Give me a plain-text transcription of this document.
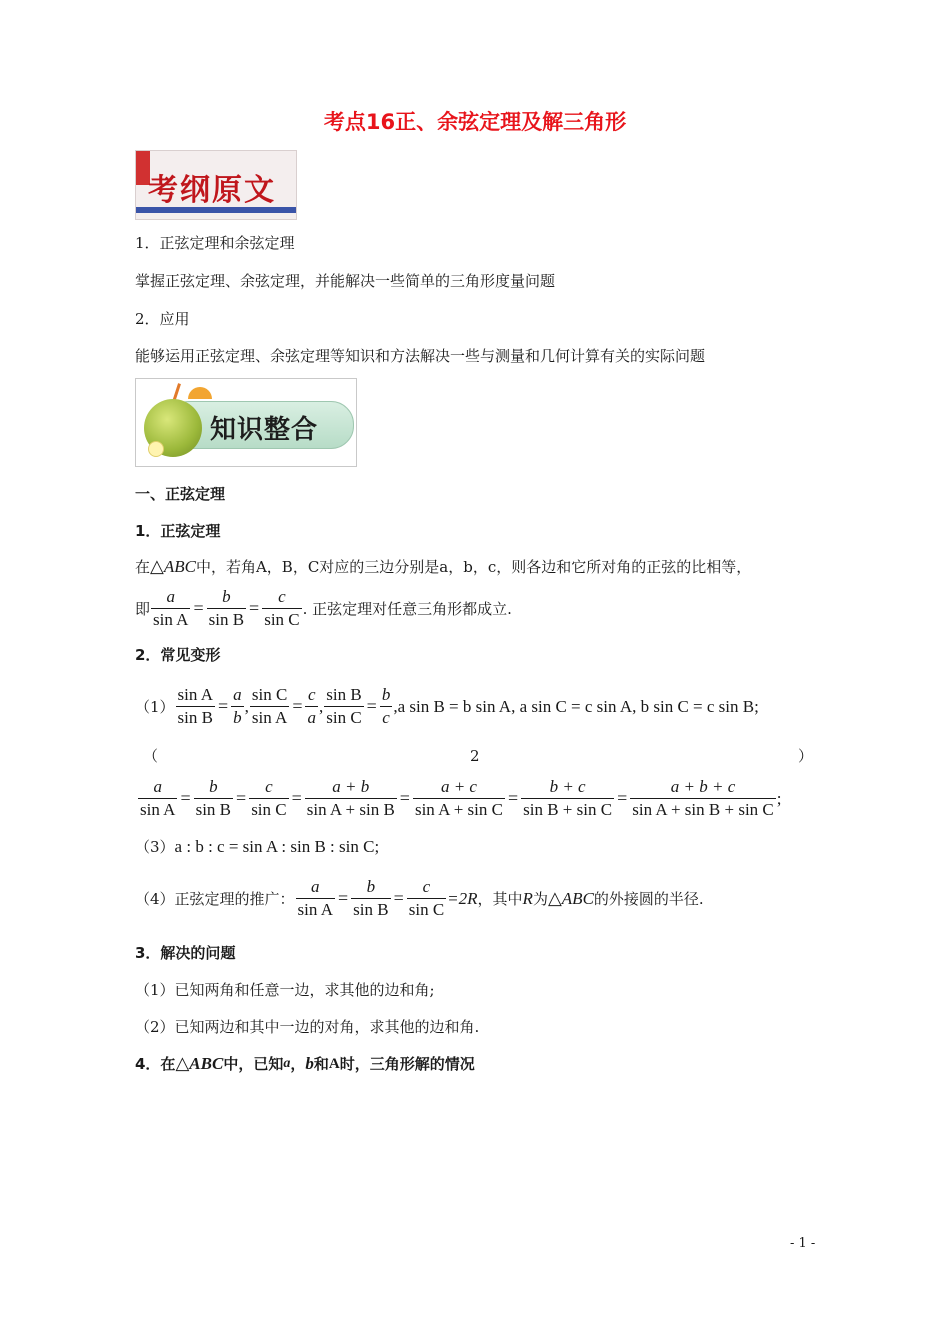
考点16正、余弦定理及解三角形
考纲原文
1．正弦定理和余弦定理
掌握正弦定理、余弦定理，并能解决一些简单的三角形度量问题
2．应用
能够运用正弦定理、余弦定理等知识和方法解决一些与测量和几何计算有关的实际问题
知识整合
一、正弦定理
1．正弦定理
在 △ ABC 中，若角A，B，C对应的三边分别是a，b，c，则各边和它所对角的正弦的比相等，
即 $\frac{a}{\text{sin A}} = \frac{b}{\text{sin B}} = \frac{c}{\text{sin C}}$ . 正弦定理对任意三角形都成立.
2．常见变形
$(1) \frac{\text{sin A}}{\text{sin B}} = \frac{a}{b}$ , $\frac{\text{sin C}}{\text{sin A}} = \frac{c}{a}$ , $\frac{\text{sin B}}{\text{sin C}} = \frac{b}{c} ,a$ sin B = b sin A, a sin C = c sin A, b sin C = c sin B;
（	2	）
$\frac{a}{\text{sin A}} = \frac{b}{\text{sin B}} = \frac{c}{\text{sin C}} = \frac{a + b}{\text{sin A + sin B}} = \frac{a + c}{\text{sin A + sin C}} = \frac{b + c}{\text{sin B + sin C}} = \frac{a + b + c}{\text{sin A + sin B + sin C}}$ ;
（3） a : b : c = sin A : sin B : sin C;
（4）正弦定理的推广： $\frac{a}{\text{sin A}} = \frac{b}{\text{sin B}} = \frac{c}{\text{sin C}} =2R$ ，其中 R 为 △ ABC 的外接圆的半径.
3．解决的问题
（1）已知两角和任意一边，求其他的边和角;
（2）已知两边和其中一边的对角，求其他的边和角.
4．在 △ ABC 中，已知 a ， b 和 A 时，三角形解的情况
- 1 -
